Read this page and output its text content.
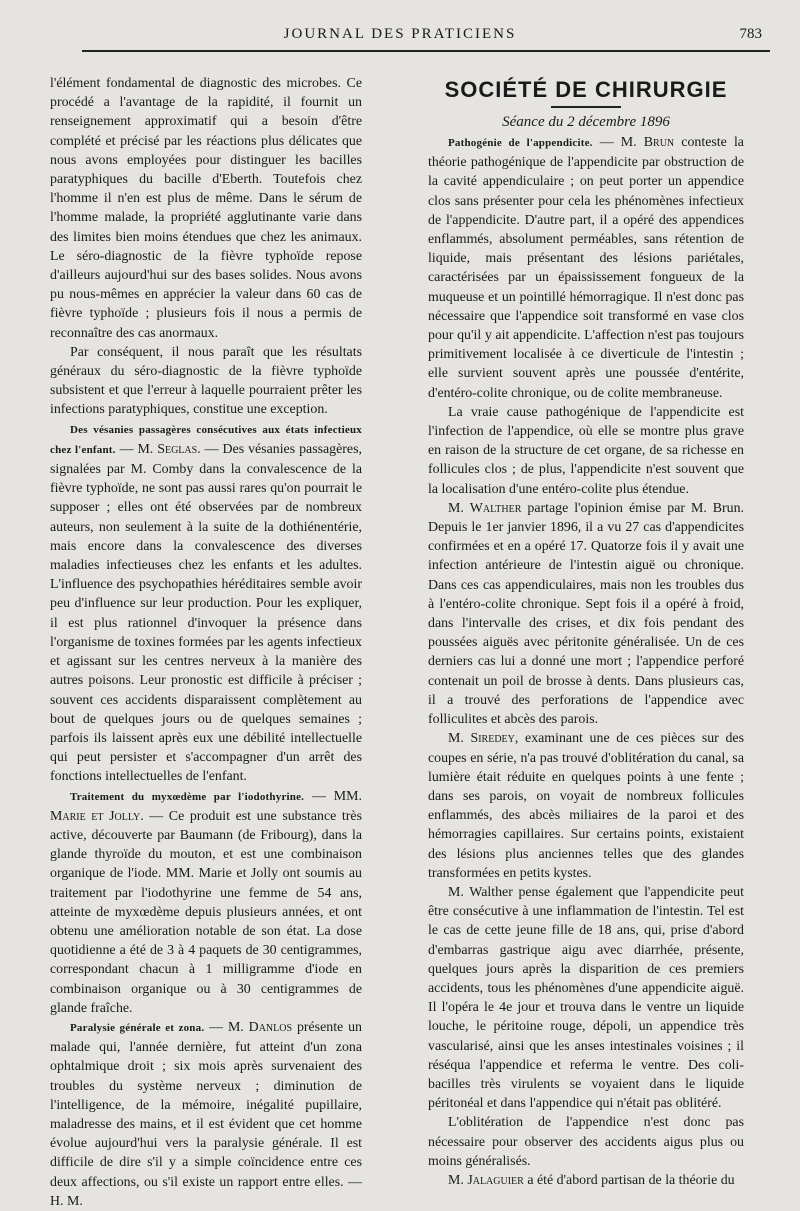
JOURNAL DES PRATICIENS	783

l'élément fondamental de diagnostic des microbes. Ce procédé a l'avantage de la rapidité, il fournit un renseignement approximatif qui a besoin d'être complété et précisé par les réactions plus délicates que nous avons employées pour distinguer les bacilles paratyphiques du bacille d'Eberth. Toutefois chez l'homme il n'en est plus de même. Dans le sérum de l'homme malade, la propriété agglutinante varie dans des limites bien moins étendues que chez les animaux. Le séro-diagnostic de la fièvre typhoïde repose d'ailleurs aujourd'hui sur des bases solides. Nous avons pu nous-mêmes en apprécier la valeur dans 60 cas de fièvre typhoïde ; plusieurs fois il nous a permis de reconnaître des cas anormaux.

Par conséquent, il nous paraît que les résultats généraux du séro-diagnostic de la fièvre typhoïde subsistent et que l'erreur à laquelle pourraient prêter les infections paratyphiques, constitue une exception.

Des vésanies passagères consécutives aux états infectieux chez l'enfant. — M. Seglas. — Des vésanies passagères, signalées par M. Comby dans la convalescence de la fièvre typhoïde, ne sont pas aussi rares qu'on pourrait le supposer ; elles ont été observées par de nombreux auteurs, non seulement à la suite de la dothiénentérie, mais encore dans la convalescence des diverses maladies infectieuses chez les enfants et les adultes. L'influence des psychopathies héréditaires semble avoir peu d'influence sur leur production. Pour les expliquer, il est plus rationnel d'invoquer la présence dans l'organisme de toxines formées par les agents infectieux et agissant sur les centres nerveux à la manière des autres poisons. Leur pronostic est difficile à préciser ; souvent ces accidents disparaissent complètement au bout de quelques jours ou de quelques semaines ; parfois ils laissent après eux une débilité intellectuelle qui peut persister et s'accompagner d'un arrêt des fonctions intellectuelles de l'enfant.

Traitement du myxœdème par l'iodothyrine. — MM. Marie et Jolly. — Ce produit est une substance très active, découverte par Baumann (de Fribourg), dans la glande thyroïde du mouton, et est une combinaison organique de l'iode. MM. Marie et Jolly ont soumis au traitement par l'iodothyrine une femme de 54 ans, atteinte de myxœdème depuis plusieurs années, et ont obtenu une amélioration notable de son état. La dose quotidienne a été de 3 à 4 paquets de 30 centigrammes, correspondant chacun à 1 milligramme d'iode en combinaison organique ou à 30 centigrammes de glande fraîche.

Paralysie générale et zona. — M. Danlos présente un malade qui, l'année dernière, fut atteint d'un zona ophtalmique droit ; six mois après survenaient des troubles du système nerveux ; diminution de l'intelligence, de la mémoire, inégalité pupillaire, maladresse des mains, et il est évident que cet homme évolue aujourd'hui vers la paralysie générale. Il est difficile de dire s'il y a simple coïncidence entre ces deux affections, ou s'il existe un rapport entre elles. — H. M.

SOCIÉTÉ DE CHIRURGIE
Séance du 2 décembre 1896

Pathogénie de l'appendicite. — M. Brun conteste la théorie pathogénique de l'appendicite par obstruction de la cavité appendiculaire ; on peut porter un appendice clos sans présenter pour cela les phénomènes infectieux de l'appendicite. D'autre part, il a opéré des appendices enflammés, absolument perméables, sans rétention de liquide, mais présentant des lésions pariétales, caractérisées par un épaississement fongueux de la muqueuse et un pointillé hémorragique. Il n'est donc pas nécessaire que l'appendice soit transformé en vase clos pour qu'il y ait appendicite. L'affection n'est pas toujours primitivement localisée à ce diverticule de l'intestin ; elle survient souvent après une poussée d'entérite, d'entéro-colite chronique, ou de colite membraneuse.

La vraie cause pathogénique de l'appendicite est l'infection de l'appendice, où elle se montre plus grave en raison de la structure de cet organe, de sa richesse en follicules clos ; de plus, l'appendicite n'est souvent que la localisation d'une entéro-colite plus étendue.

M. Walther partage l'opinion émise par M. Brun. Depuis le 1er janvier 1896, il a vu 27 cas d'appendicites confirmées et en a opéré 17. Quatorze fois il y avait une infection antérieure de l'intestin aiguë ou chronique. Dans ces cas appendiculaires, mais non les troubles dus à l'entéro-colite chronique. Sept fois il a opéré à froid, dans l'intervalle des crises, et dix fois pendant des poussées aiguës avec péritonite généralisée. Un de ces derniers cas lui a donné une mort ; l'appendice perforé contenait un poil de brosse à dents. Dans plusieurs cas, il a trouvé des perforations de l'appendice avec folliculites et abcès des parois.

M. Siredey, examinant une de ces pièces sur des coupes en série, n'a pas trouvé d'oblitération du canal, sa lumière était réduite en quelques points à une fente ; dans ses parois, on voyait de nombreux follicules enflammés, des abcès miliaires de la paroi et des hémorragies capillaires. Sur certains points, existaient des lésions plus anciennes telles que des glandes transformées en petits kystes.

M. Walther pense également que l'appendicite peut être consécutive à une inflammation de l'intestin. Tel est le cas de cette jeune fille de 18 ans, qui, prise d'abord d'embarras gastrique aigu avec diarrhée, présente, quelques jours après la disparition de ces premiers accidents, tous les phénomènes d'une appendicite aiguë. Il l'opéra le 4e jour et trouva dans le ventre un liquide louche, le péritoine rouge, dépoli, un appendice très vascularisé, ainsi que les anses intestinales voisines ; il réséqua l'appendice et referma le ventre. Des coli-bacilles très virulents se voyaient dans le liquide péritonéal et dans l'appendice qui n'était pas oblitéré.

L'oblitération de l'appendice n'est donc pas nécessaire pour observer des accidents aigus plus ou moins généralisés.

M. Jalaguier a été d'abord partisan de la théorie du
